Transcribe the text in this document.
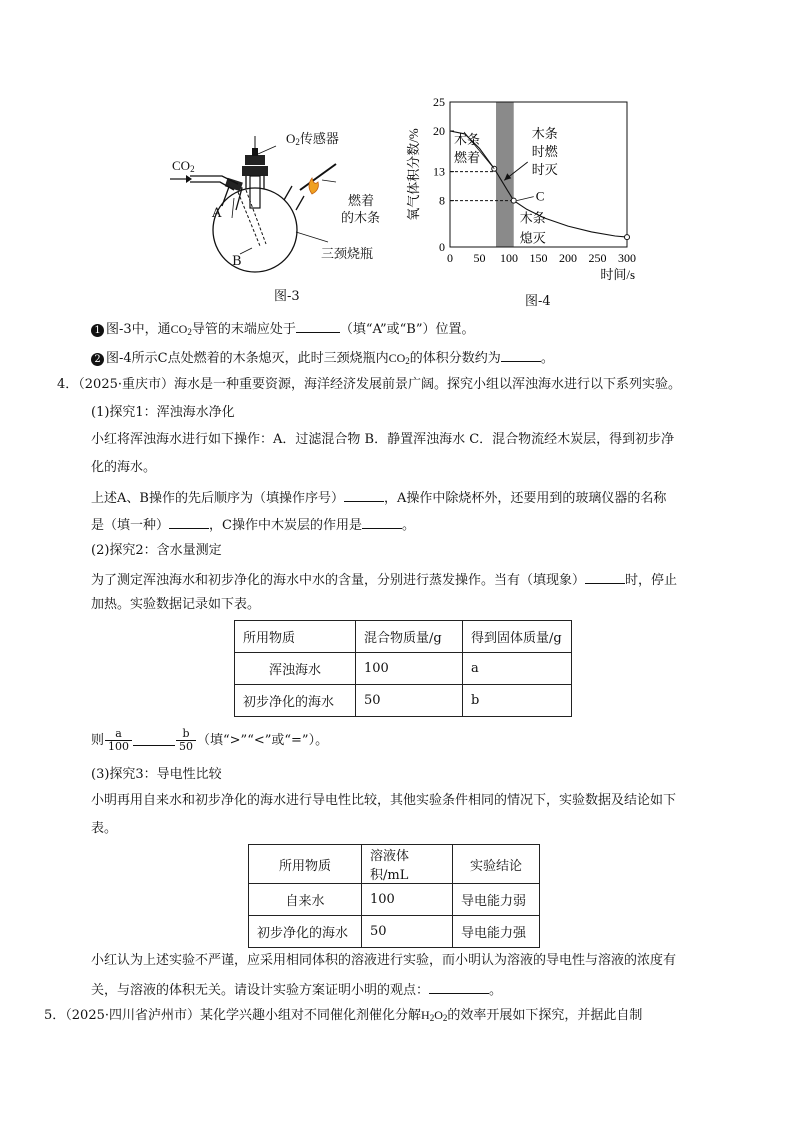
$CO_2$
$O_2$传感器
A
B
燃着
的木条
三颈烧瓶
图-3
0 50 100 150 200 250 300
0
8
13
20
25
木条
燃着
木条
时燃
时灭
C
木条
熄灭
氧气体积分数/%
时间/s
图-4
1 图-3中，通$CO_2$导管的末端应处于	（填“A”或“B”）位置。
2 图-4所示C点处燃着的木条熄灭，此时三颈烧瓶内$CO_2$的体积分数约为	。
4．（2025·重庆市）海水是一种重要资源，海洋经济发展前景广阔。探究小组以浑浊海水进行以下系列实验。
(1)探究1：浑浊海水净化
小红将浑浊海水进行如下操作：A．过滤混合物 B．静置浑浊海水 C．混合物流经木炭层，得到初步净
化的海水。
上述A、B操作的先后顺序为（填操作序号）	，A操作中除烧杯外，还要用到的玻璃仪器的名称
是（填一种）	，C操作中木炭层的作用是	。
(2)探究2：含水量测定
为了测定浑浊海水和初步净化的海水中水的含量，分别进行蒸发操作。当有（填现象）	时，停止
加热。实验数据记录如下表。
所用物质	混合物质量/g	得到固体质量/g
浑浊海水	100	a
初步净化的海水	50	b
则 $\frac{a}{100}$	$\frac{b}{50}$ （填“>”“<”或“=”）。
(3)探究3：导电性比较
小明再用自来水和初步净化的海水进行导电性比较，其他实验条件相同的情况下，实验数据及结论如下
表。
所用物质	溶液体积/mL	实验结论
自来水	100	导电能力弱
初步净化的海水	50	导电能力强
小红认为上述实验不严谨，应采用相同体积的溶液进行实验，而小明认为溶液的导电性与溶液的浓度有
关，与溶液的体积无关。请设计实验方案证明小明的观点：	。
5．（2025·四川省泸州市）某化学兴趣小组对不同催化剂催化分解$H_2O_2$的效率开展如下探究，并据此自制
